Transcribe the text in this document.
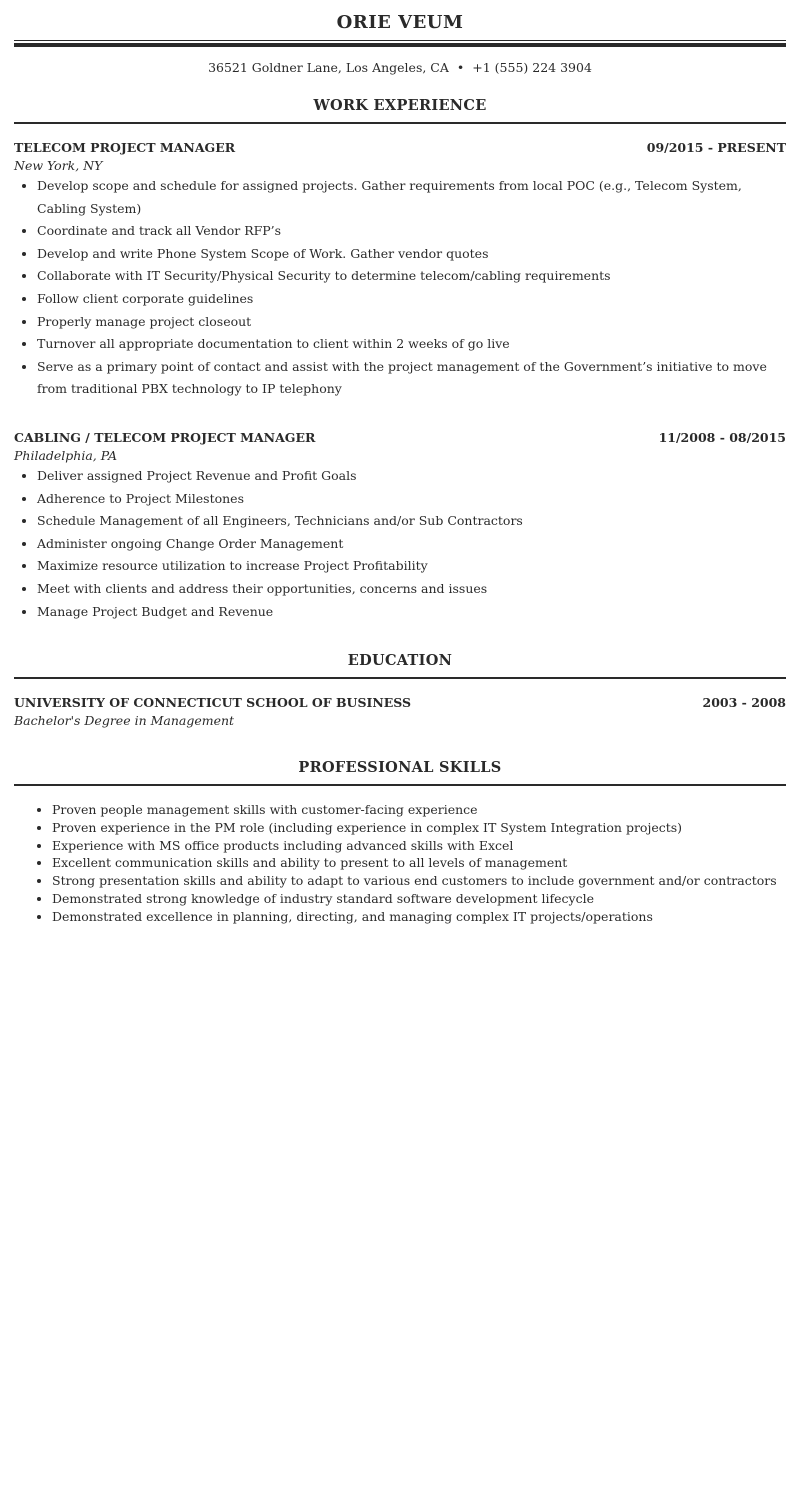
ORIE VEUM
36521 Goldner Lane, Los Angeles, CA • +1 (555) 224 3904
WORK EXPERIENCE
TELECOM PROJECT MANAGER	09/2015 - PRESENT
New York, NY
• Develop scope and schedule for assigned projects. Gather requirements from local POC (e.g., Telecom System, Cabling System)
• Coordinate and track all Vendor RFP’s
• Develop and write Phone System Scope of Work. Gather vendor quotes
• Collaborate with IT Security/Physical Security to determine telecom/cabling requirements
• Follow client corporate guidelines
• Properly manage project closeout
• Turnover all appropriate documentation to client within 2 weeks of go live
• Serve as a primary point of contact and assist with the project management of the Government’s initiative to move from traditional PBX technology to IP telephony
CABLING / TELECOM PROJECT MANAGER	11/2008 - 08/2015
Philadelphia, PA
• Deliver assigned Project Revenue and Profit Goals
• Adherence to Project Milestones
• Schedule Management of all Engineers, Technicians and/or Sub Contractors
• Administer ongoing Change Order Management
• Maximize resource utilization to increase Project Profitability
• Meet with clients and address their opportunities, concerns and issues
• Manage Project Budget and Revenue
EDUCATION
UNIVERSITY OF CONNECTICUT SCHOOL OF BUSINESS	2003 - 2008
Bachelor's Degree in Management
PROFESSIONAL SKILLS
• Proven people management skills with customer-facing experience
• Proven experience in the PM role (including experience in complex IT System Integration projects)
• Experience with MS office products including advanced skills with Excel
• Excellent communication skills and ability to present to all levels of management
• Strong presentation skills and ability to adapt to various end customers to include government and/or contractors
• Demonstrated strong knowledge of industry standard software development lifecycle
• Demonstrated excellence in planning, directing, and managing complex IT projects/operations
